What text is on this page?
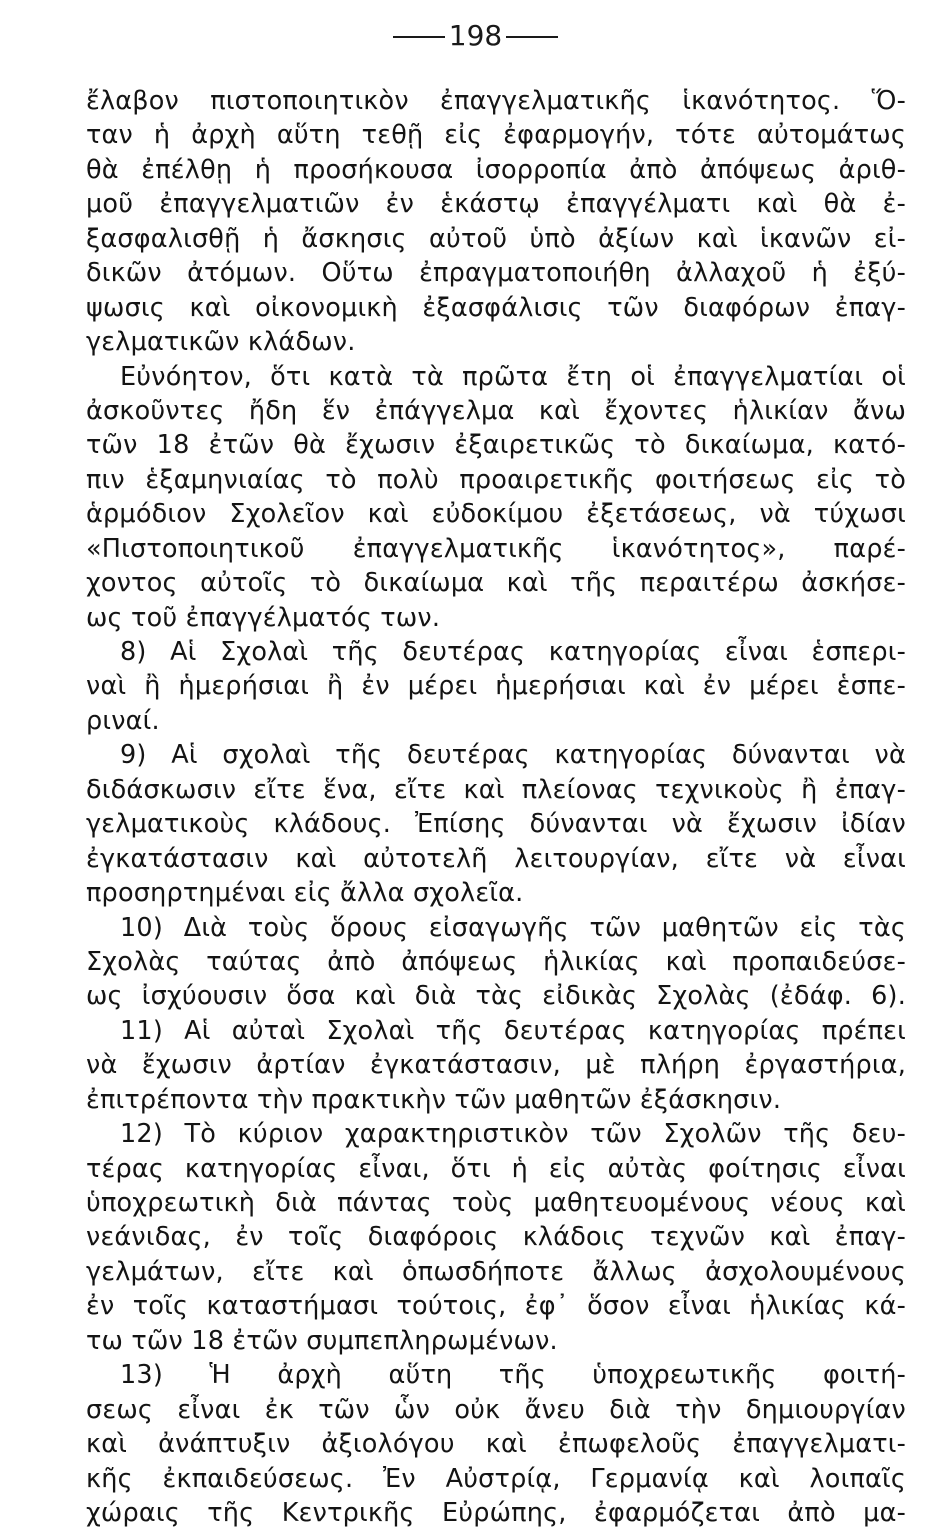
198
ἔλαβον πιστοποιητικὸν ἐπαγγελματικῆς ἱκανότητος. Ὅ-
ταν ἡ ἀρχὴ αὕτη τεθῇ εἰς ἐφαρμογήν, τότε αὐτομάτως
θὰ ἐπέλθῃ ἡ προσήκουσα ἰσορροπία ἀπὸ ἀπόψεως ἀριθ-
μοῦ ἐπαγγελματιῶν ἐν ἑκάστῳ ἐπαγγέλματι καὶ θὰ ἐ-
ξασφαλισθῇ ἡ ἄσκησις αὐτοῦ ὑπὸ ἀξίων καὶ ἱκανῶν εἰ-
δικῶν ἀτόμων. Οὕτω ἐπραγματοποιήθη ἀλλαχοῦ ἡ ἐξύ-
ψωσις καὶ οἰκονομικὴ ἐξασφάλισις τῶν διαφόρων ἐπαγ-
γελματικῶν κλάδων.
Εὐνόητον, ὅτι κατὰ τὰ πρῶτα ἔτη οἱ ἐπαγγελματίαι οἱ
ἀσκοῦντες ἤδη ἕν ἐπάγγελμα καὶ ἔχοντες ἡλικίαν ἄνω
τῶν 18 ἐτῶν θὰ ἔχωσιν ἐξαιρετικῶς τὸ δικαίωμα, κατό-
πιν ἑξαμηνιαίας τὸ πολὺ προαιρετικῆς φοιτήσεως εἰς τὸ
ἁρμόδιον Σχολεῖον καὶ εὐδοκίμου ἐξετάσεως, νὰ τύχωσι
«Πιστοποιητικοῦ ἐπαγγελματικῆς ἱκανότητος», παρέ-
χοντος αὐτοῖς τὸ δικαίωμα καὶ τῆς περαιτέρω ἀσκήσε-
ως τοῦ ἐπαγγέλματός των.
8) Αἱ Σχολαὶ τῆς δευτέρας κατηγορίας εἶναι ἑσπερι-
ναὶ ἢ ἡμερήσιαι ἢ ἐν μέρει ἡμερήσιαι καὶ ἐν μέρει ἑσπε-
ριναί.
9) Αἱ σχολαὶ τῆς δευτέρας κατηγορίας δύνανται νὰ
διδάσκωσιν εἴτε ἕνα, εἴτε καὶ πλείονας τεχνικοὺς ἢ ἐπαγ-
γελματικοὺς κλάδους. Ἐπίσης δύνανται νὰ ἔχωσιν ἰδίαν
ἐγκατάστασιν καὶ αὐτοτελῆ λειτουργίαν, εἴτε νὰ εἶναι
προσηρτημέναι εἰς ἄλλα σχολεῖα.
10) Διὰ τοὺς ὅρους εἰσαγωγῆς τῶν μαθητῶν εἰς τὰς
Σχολὰς ταύτας ἀπὸ ἀπόψεως ἡλικίας καὶ προπαιδεύσε-
ως ἰσχύουσιν ὅσα καὶ διὰ τὰς εἰδικὰς Σχολὰς (ἐδάφ. 6).
11) Αἱ αὐταὶ Σχολαὶ τῆς δευτέρας κατηγορίας πρέπει
νὰ ἔχωσιν ἀρτίαν ἐγκατάστασιν, μὲ πλήρη ἐργαστήρια,
ἐπιτρέποντα τὴν πρακτικὴν τῶν μαθητῶν ἐξάσκησιν.
12) Τὸ κύριον χαρακτηριστικὸν τῶν Σχολῶν τῆς δευ-
τέρας κατηγορίας εἶναι, ὅτι ἡ εἰς αὐτὰς φοίτησις εἶναι
ὑποχρεωτικὴ διὰ πάντας τοὺς μαθητευομένους νέους καὶ
νεάνιδας, ἐν τοῖς διαφόροις κλάδοις τεχνῶν καὶ ἐπαγ-
γελμάτων, εἴτε καὶ ὁπωσδήποτε ἄλλως ἀσχολουμένους
ἐν τοῖς καταστήμασι τούτοις, ἐφ᾽ ὅσον εἶναι ἡλικίας κά-
τω τῶν 18 ἐτῶν συμπεπληρωμένων.
13) Ἡ ἀρχὴ αὕτη τῆς ὑποχρεωτικῆς φοιτή-
σεως εἶναι ἐκ τῶν ὧν οὐκ ἄνευ διὰ τὴν δημιουργίαν
καὶ ἀνάπτυξιν ἀξιολόγου καὶ ἐπωφελοῦς ἐπαγγελματι-
κῆς ἐκπαιδεύσεως. Ἐν Αὐστρίᾳ, Γερμανίᾳ καὶ λοιπαῖς
χώραις τῆς Κεντρικῆς Εὐρώπης, ἐφαρμόζεται ἀπὸ μα-
